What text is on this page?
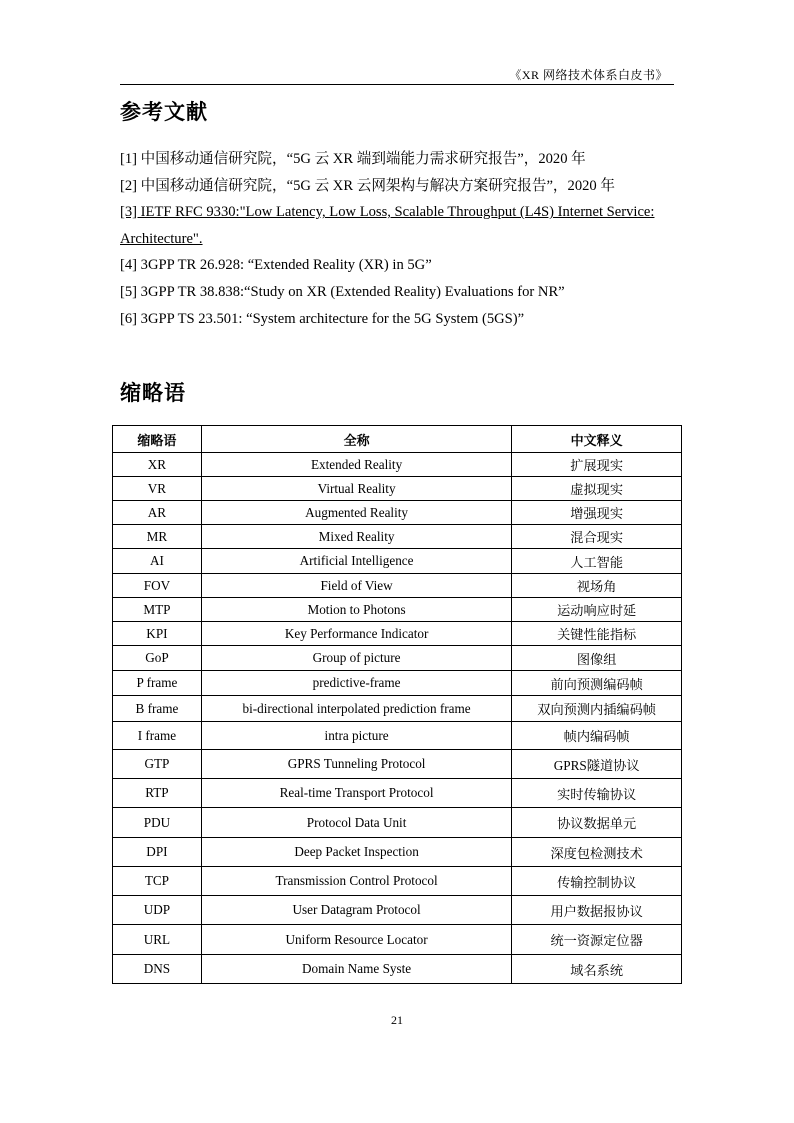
《XR 网络技术体系白皮书》
参考文献
[1] 中国移动通信研究院，“5G 云 XR 端到端能力需求研究报告”，2020 年
[2] 中国移动通信研究院，“5G 云 XR 云网架构与解决方案研究报告”，2020 年
[3] IETF RFC 9330:"Low Latency, Low Loss, Scalable Throughput (L4S) Internet Service: Architecture".
[4] 3GPP TR 26.928: “Extended Reality (XR) in 5G”
[5] 3GPP TR 38.838:“Study on XR (Extended Reality) Evaluations for NR”
[6] 3GPP TS 23.501: “System architecture for the 5G System (5GS)”
缩略语
缩略语	全称	中文释义
XR	Extended Reality	扩展现实
VR	Virtual Reality	虚拟现实
AR	Augmented Reality	增强现实
MR	Mixed Reality	混合现实
AI	Artificial Intelligence	人工智能
FOV	Field of View	视场角
MTP	Motion to Photons	运动响应时延
KPI	Key Performance Indicator	关键性能指标
GoP	Group of picture	图像组
P frame	predictive-frame	前向预测编码帧
B frame	bi-directional interpolated prediction frame	双向预测内插编码帧
I frame	intra picture	帧内编码帧
GTP	GPRS Tunneling Protocol	GPRS隧道协议
RTP	Real-time Transport Protocol	实时传输协议
PDU	Protocol Data Unit	协议数据单元
DPI	Deep Packet Inspection	深度包检测技术
TCP	Transmission Control Protocol	传输控制协议
UDP	User Datagram Protocol	用户数据报协议
URL	Uniform Resource Locator	统一资源定位器
DNS	Domain Name Syste	域名系统
21
